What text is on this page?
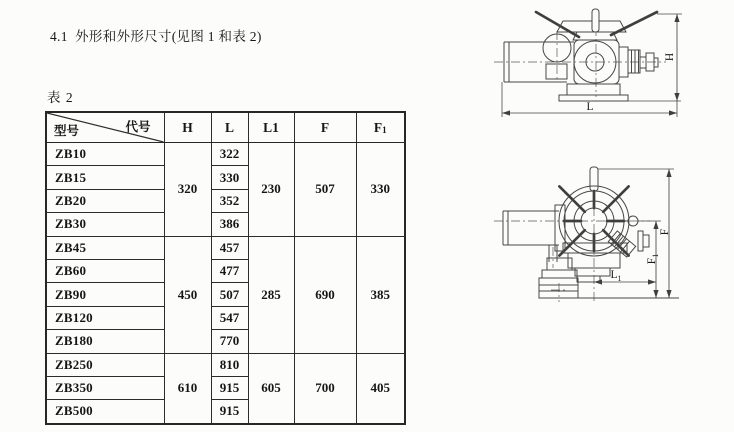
4.1  外形和外形尺寸(见图 1 和表 2)
表 2
型号 代号	H	L	L1	F	$F^1$
ZB10	320	322	230	507	330
ZB15		330			
ZB20		352			
ZB30		386			
ZB45	450	457	285	690	385
ZB60		477			
ZB90		507			
ZB120		547			
ZB180		770			
ZB250	610	810	605	700	405
ZB350		915			
ZB500		915			
H
L
F
$F_1$
$L_1$
